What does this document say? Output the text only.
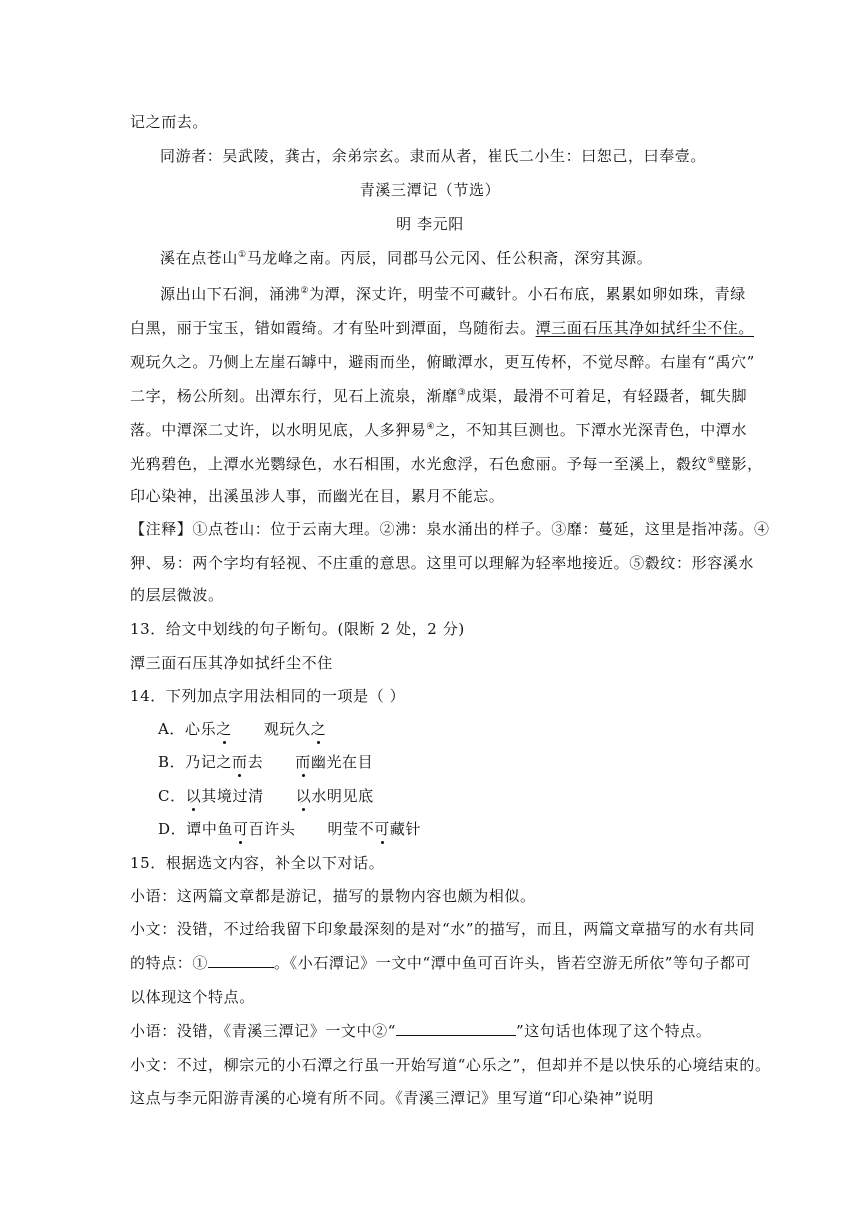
记之而去。
同游者：吴武陵，龚古，余弟宗玄。隶而从者，崔氏二小生：曰恕己，曰奉壹。
青溪三潭记（节选）
明 李元阳
溪在点苍山①马龙峰之南。丙辰，同郡马公元冈、任公积斋，深穷其源。
源出山下石涧，涌沸②为潭，深丈许，明莹不可藏针。小石布底，累累如卵如珠，青绿
白黑，丽于宝玉，错如霞绮。才有坠叶到潭面，鸟随衔去。潭三面石压其净如拭纤尘不住。
观玩久之。乃侧上左崖石罅中，避雨而坐，俯瞰潭水，更互传杯，不觉尽醉。右崖有“禹穴”
二字，杨公所刻。出潭东行，见石上流泉，渐靡③成渠，最滑不可着足，有轻蹑者，辄失脚
落。中潭深二丈许，以水明见底，人多狎易④之，不知其巨测也。下潭水光深青色，中潭水
光鸦碧色，上潭水光鹦绿色，水石相围，水光愈浮，石色愈丽。予每一至溪上，縠纹⑤璧影，
印心染神，出溪虽涉人事，而幽光在目，累月不能忘。
【注释】①点苍山：位于云南大理。②沸：泉水涌出的样子。③靡：蔓延，这里是指冲荡。④
狎、易：两个字均有轻视、不庄重的意思。这里可以理解为轻率地接近。⑤縠纹：形容溪水
的层层微波。
13．给文中划线的句子断句。(限断 2 处，2 分)
潭三面石压其净如拭纤尘不住
14．下列加点字用法相同的一项是（ ）
A．心乐之 观玩久之
B．乃记之而去 而幽光在目
C．以其境过清 以水明见底
D．谭中鱼可百许头 明莹不可藏针
15．根据选文内容，补全以下对话。
小语：这两篇文章都是游记，描写的景物内容也颇为相似。
小文：没错，不过给我留下印象最深刻的是对“水”的描写，而且，两篇文章描写的水有共同
的特点：①	。《小石潭记》一文中“潭中鱼可百许头，皆若空游无所依”等句子都可
以体现这个特点。
小语：没错，《青溪三潭记》一文中②“	”这句话也体现了这个特点。
小文：不过，柳宗元的小石潭之行虽一开始写道“心乐之”，但却并不是以快乐的心境结束的。
这点与李元阳游青溪的心境有所不同。《青溪三潭记》里写道“印心染神”说明
